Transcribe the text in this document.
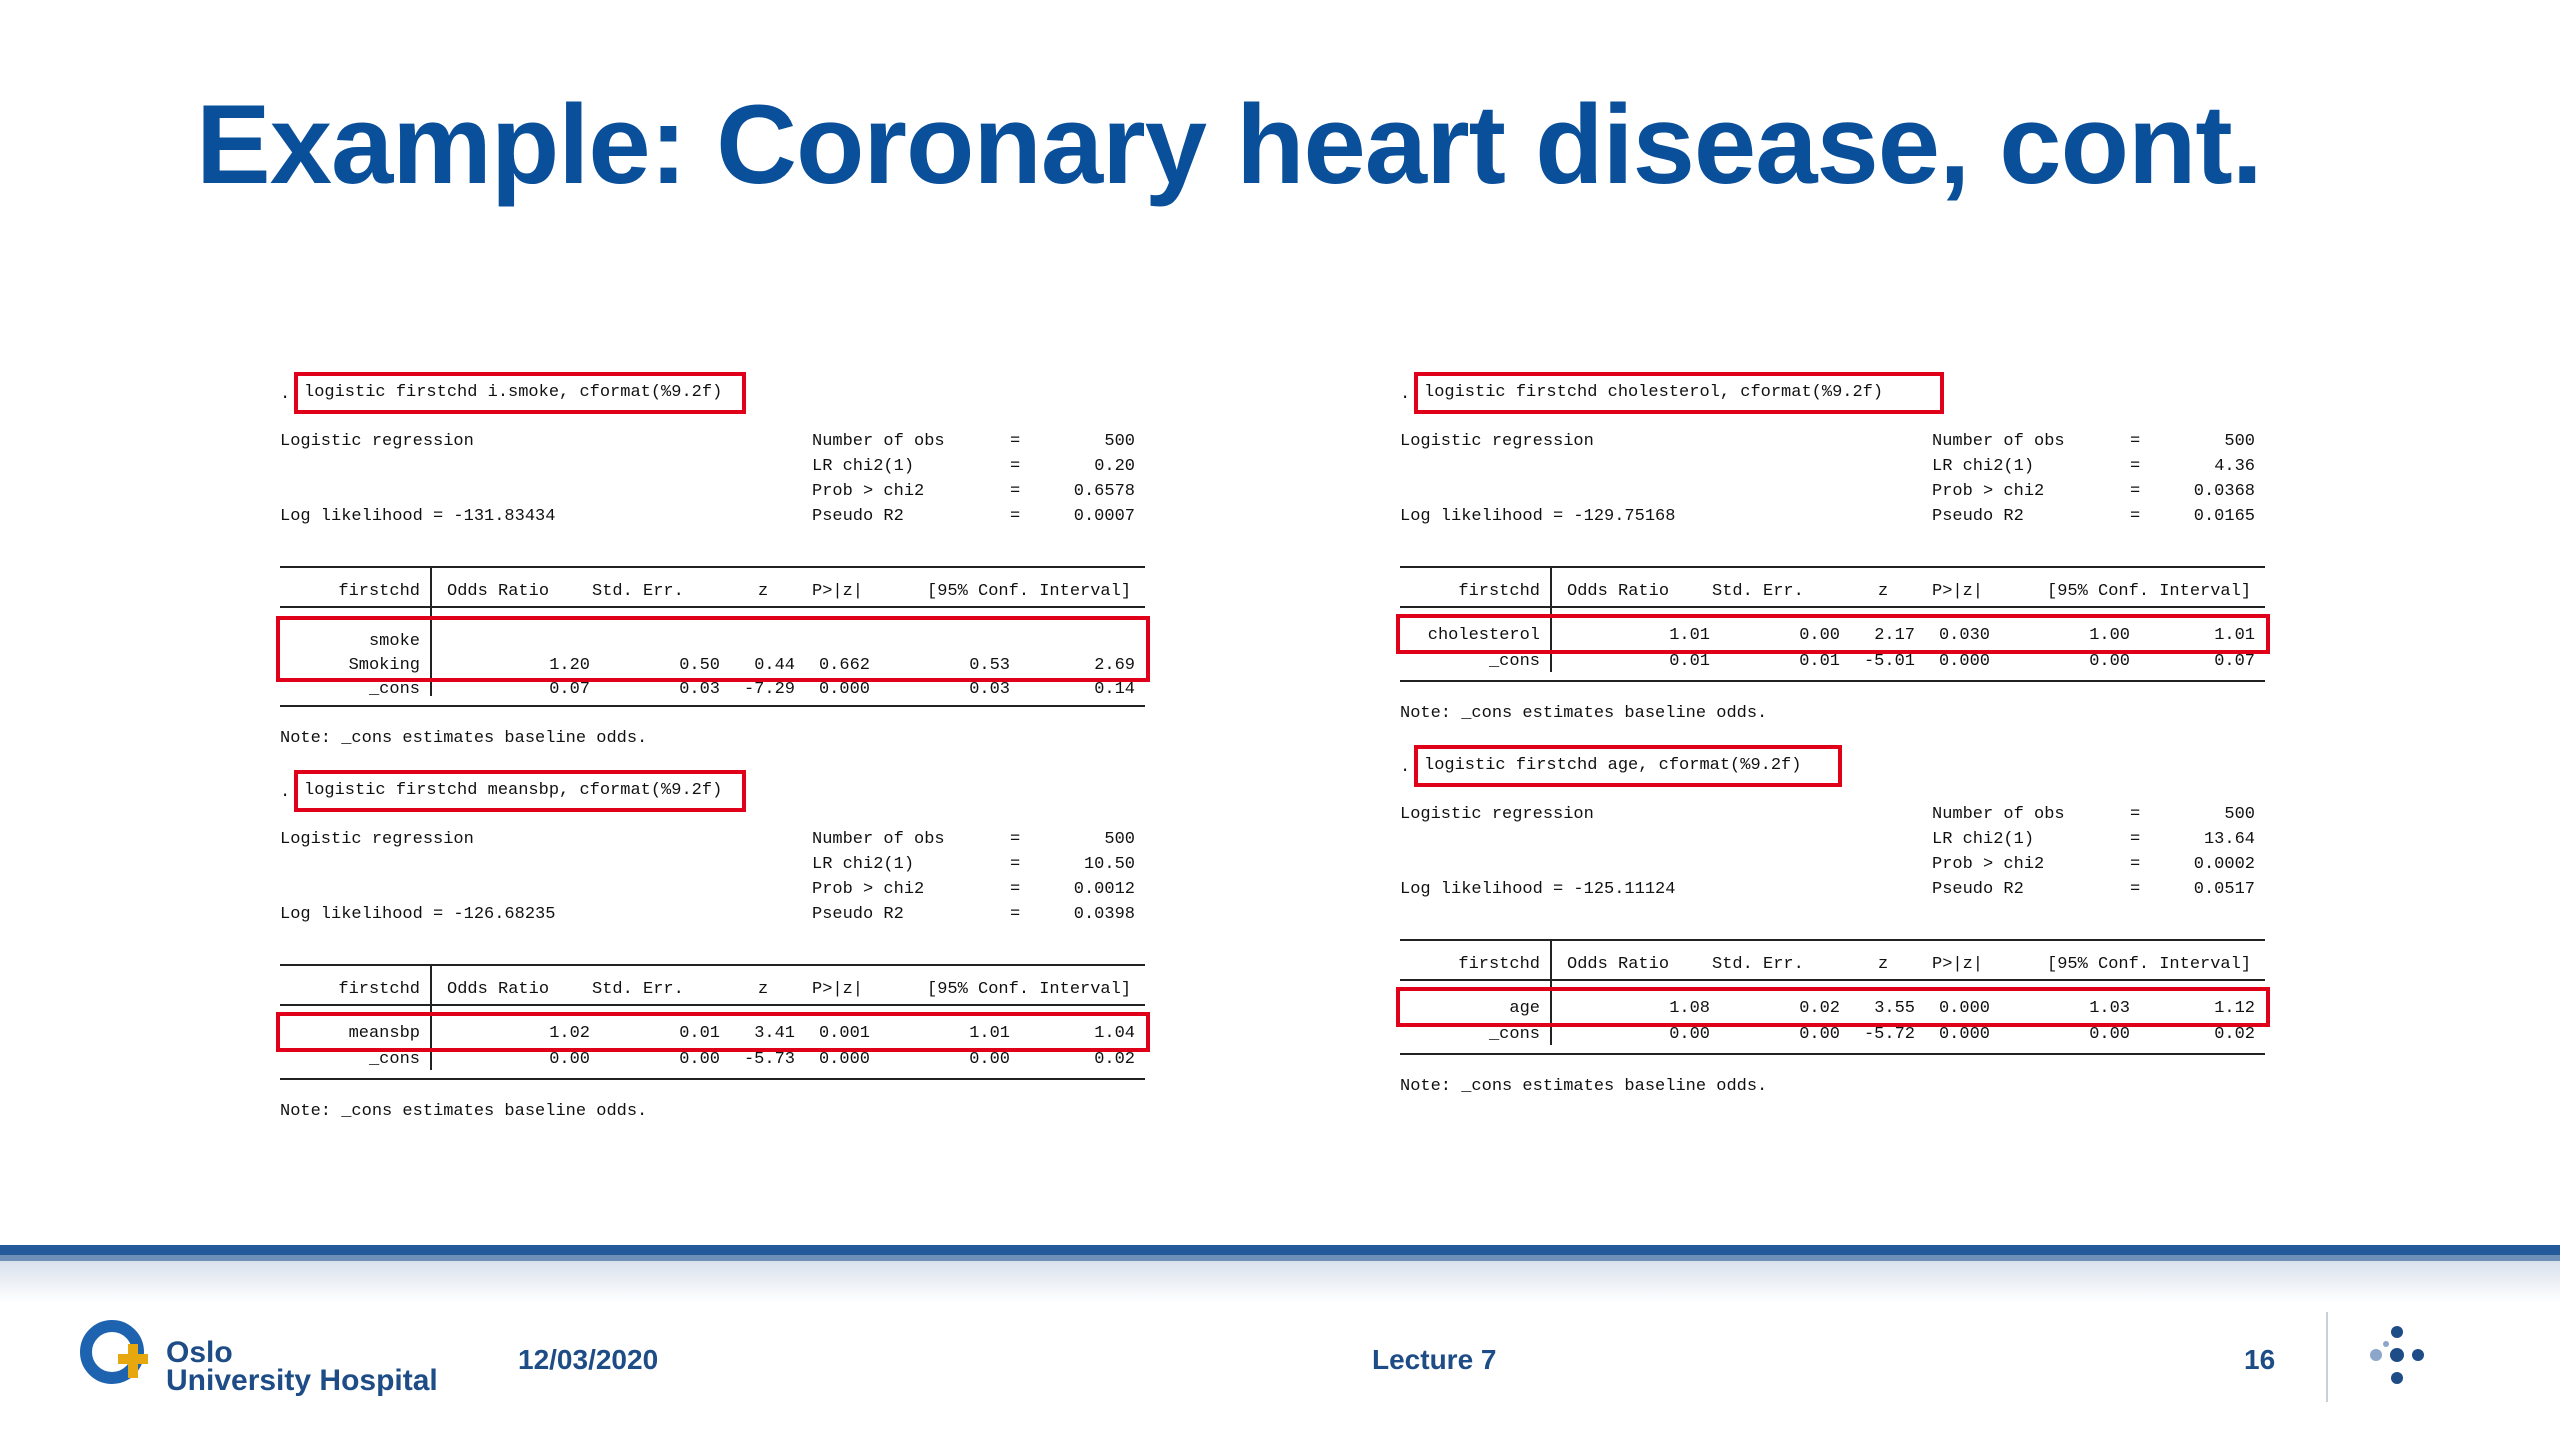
Example: Coronary heart disease, cont.
. logistic firstchd i.smoke, cformat(%9.2f)
Logistic regression
Log likelihood = -131.83434
Number of obs	=	500
LR chi2(1)	=	0.20
Prob > chi2	=	0.6578
Pseudo R2	=	0.0007
firstchd Odds Ratio	Std. Err.	z	P>|z|	[95% Conf. Interval]
smoke
Smoking	1.20	0.50 0.44 0.662	0.53	2.69
_cons	0.07	0.03 -7.29 0.000	0.03	0.14
Note: _cons estimates baseline odds.
. logistic firstchd meansbp, cformat(%9.2f)
Logistic regression
Log likelihood = -126.68235
Number of obs	=	500
LR chi2(1)	=	10.50
Prob > chi2	=	0.0012
Pseudo R2	=	0.0398
firstchd Odds Ratio	Std. Err.	z	P>|z|	[95% Conf. Interval]
meansbp	1.02	0.01 3.41 0.001	1.01	1.04
_cons	0.00	0.00 -5.73 0.000	0.00	0.02
Note: _cons estimates baseline odds.
. logistic firstchd cholesterol, cformat(%9.2f)
Logistic regression
Log likelihood = -129.75168
Number of obs	=	500
LR chi2(1)	=	4.36
Prob > chi2	=	0.0368
Pseudo R2	=	0.0165
firstchd Odds Ratio	Std. Err.	z	P>|z|	[95% Conf. Interval]
cholesterol	1.01	0.00 2.17 0.030	1.00	1.01
_cons	0.01	0.01 -5.01 0.000	0.00	0.07
Note: _cons estimates baseline odds.
. logistic firstchd age, cformat(%9.2f)
Logistic regression
Log likelihood = -125.11124
Number of obs	=	500
LR chi2(1)	=	13.64
Prob > chi2	=	0.0002
Pseudo R2	=	0.0517
firstchd Odds Ratio	Std. Err.	z	P>|z|	[95% Conf. Interval]
age	1.08	0.02 3.55 0.000	1.03	1.12
_cons	0.00	0.00 -5.72 0.000	0.00	0.02
Note: _cons estimates baseline odds.
Oslo
University Hospital
12/03/2020	Lecture 7	16
